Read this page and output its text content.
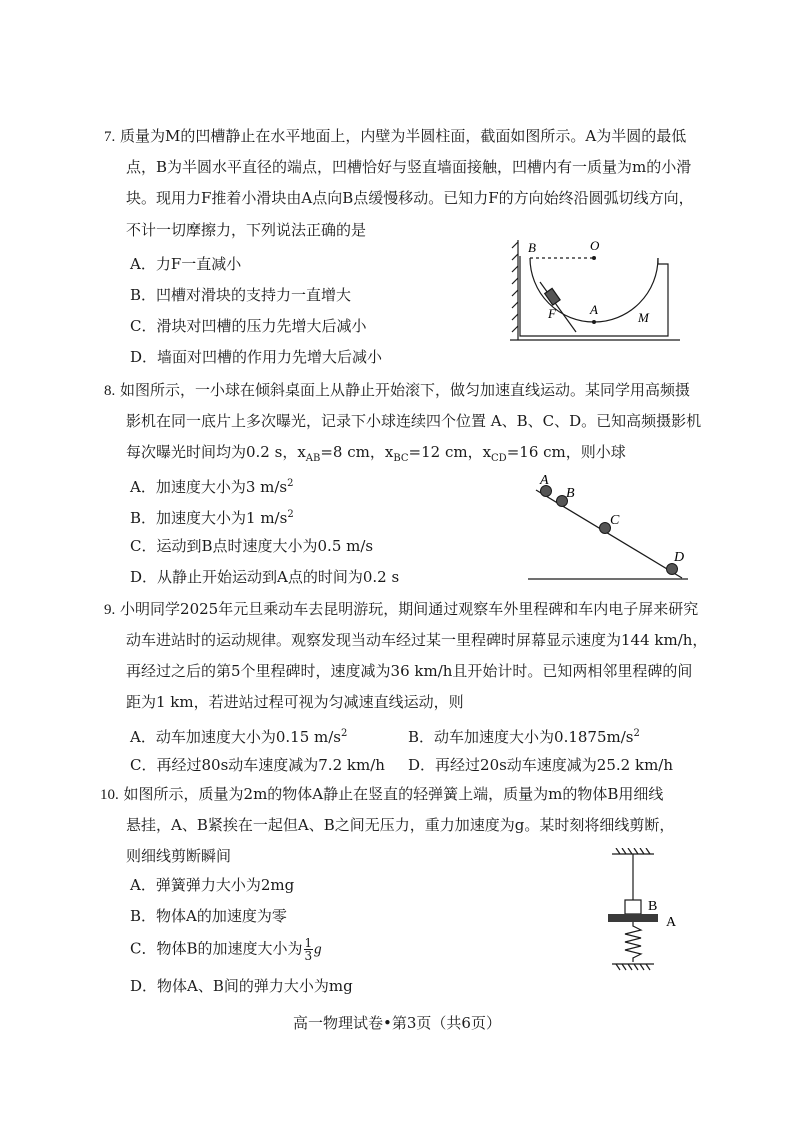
7. 质量为M的凹槽静止在水平地面上，内壁为半圆柱面，截面如图所示。A为半圆的最低
点，B为半圆水平直径的端点，凹槽恰好与竖直墙面接触，凹槽内有一质量为m的小滑
块。现用力F推着小滑块由A点向B点缓慢移动。已知力F的方向始终沿圆弧切线方向，
不计一切摩擦力，下列说法正确的是
A．力F一直减小
B．凹槽对滑块的支持力一直增大
C．滑块对凹槽的压力先增大后减小
D．墙面对凹槽的作用力先增大后减小
B	O
A
F	M
8. 如图所示，一小球在倾斜桌面上从静止开始滚下，做匀加速直线运动。某同学用高频摄
影机在同一底片上多次曝光，记录下小球连续四个位置 A、B、C、D。已知高频摄影机
每次曝光时间均为0.2 s，$x_{AB}=8$ cm，$x_{BC}=12$ cm，$x_{CD}=16$ cm，则小球
A．加速度大小为3 $m/s^2$
B．加速度大小为1 $m/s^2$
C．运动到B点时速度大小为0.5 m/s
D．从静止开始运动到A点的时间为0.2 s
A
B
C
D
9. 小明同学2025年元旦乘动车去昆明游玩，期间通过观察车外里程碑和车内电子屏来研究
动车进站时的运动规律。观察发现当动车经过某一里程碑时屏幕显示速度为144 km/h，
再经过之后的第5个里程碑时，速度减为36 km/h且开始计时。已知两相邻里程碑的间
距为1 km，若进站过程可视为匀减速直线运动，则
A．动车加速度大小为0.15 $m/s^2$	B．动车加速度大小为$0.1875m/s^2$
C．再经过80s动车速度减为7.2 km/h D．再经过20s动车速度减为25.2 km/h
10. 如图所示，质量为2m的物体A静止在竖直的轻弹簧上端，质量为m的物体B用细线
悬挂，A、B紧挨在一起但A、B之间无压力，重力加速度为g。某时刻将细线剪断，
则细线剪断瞬间
A．弹簧弹力大小为2mg
B．物体A的加速度为零
C．物体B的加速度大小为 $\frac{1}{3}$ g
D．物体A、B间的弹力大小为mg
B
A
高一物理试卷•第3页（共6页）
